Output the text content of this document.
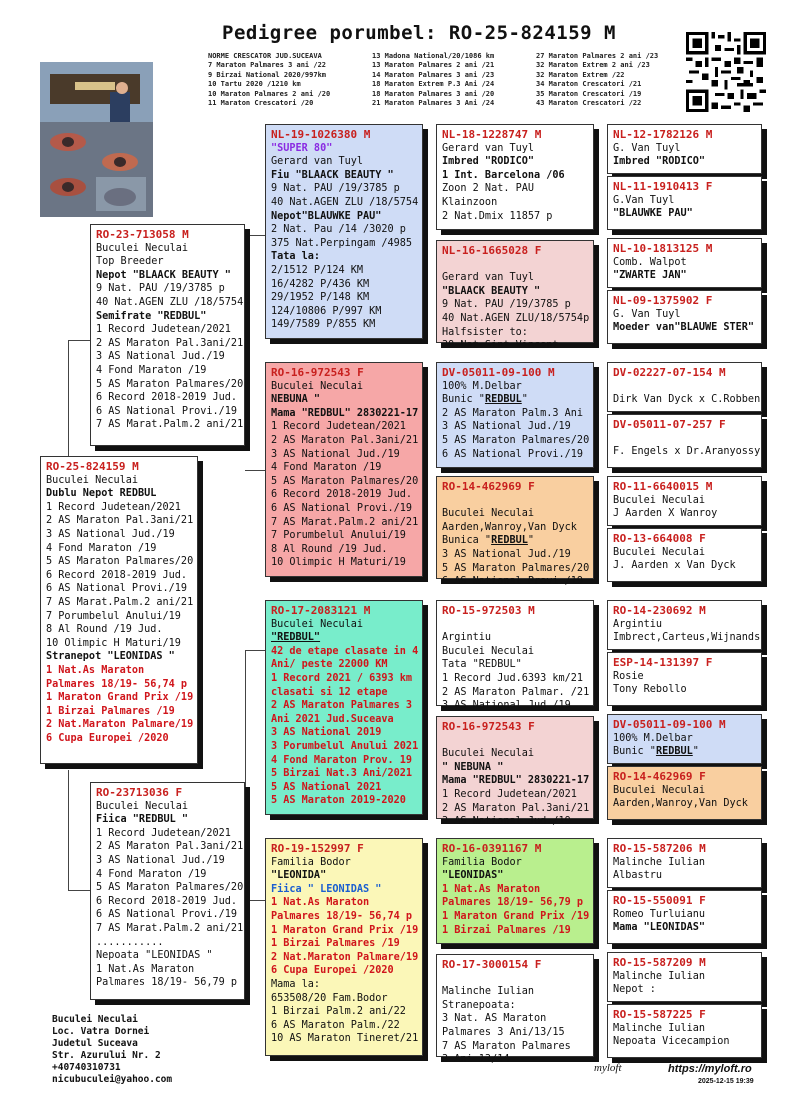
Pedigree porumbel: RO-25-824159 M
NORME CRESCATOR JUD.SUCEAVA
7 Maraton Palmares 3 ani /22
9 Birzai National 2020/997km
10 Tartu 2020 /1210 km
10 Maraton Palmares 2 ani /20
11 Maraton Crescatori /20
13 Madona National/20/1086 km
13 Maraton Palmares 2 ani /21
14 Maraton Palmares 3 ani /23
18 Maraton Extrem P.3 Ani /24
18 Maraton Palmares 3 ani /20
21 Maraton Palmares 3 Ani /24
27 Maraton Palmares 2 ani /23
32 Maraton Extrem 2 ani /23
32 Maraton Extrem /22
34 Maraton Crescatori /21
35 Maraton Crescatori /19
43 Maraton Crescatori /22
RO-25-824159 M
Buculei Neculai
Dublu Nepot REDBUL
1 Record Judetean/2021
2 AS Maraton Pal.3ani/21
3 AS National Jud./19
4 Fond Maraton /19
5 AS Maraton Palmares/20
6 Record 2018-2019 Jud.
6 AS National Provi./19
7 AS Marat.Palm.2 ani/21
7 Porumbelul Anului/19
8 Al Round /19 Jud.
10 Olimpic H Maturi/19
Stranepot "LEONIDAS "
1 Nat.As Maraton
Palmares 18/19- 56,74 p
1 Maraton Grand Prix /19
1 Birzai Palmares /19
2 Nat.Maraton Palmare/19
6 Cupa Europei /2020
RO-23-713058 M
Buculei Neculai
Top Breeder
Nepot "BLAACK BEAUTY "
9 Nat. PAU /19/3785 p
40 Nat.AGEN ZLU /18/5754
Semifrate "REDBUL"
1 Record Judetean/2021
2 AS Maraton Pal.3ani/21
3 AS National Jud./19
4 Fond Maraton /19
5 AS Maraton Palmares/20
6 Record 2018-2019 Jud.
6 AS National Provi./19
7 AS Marat.Palm.2 ani/21
RO-23713036 F
Buculei Neculai
Fiica "REDBUL "
1 Record Judetean/2021
2 AS Maraton Pal.3ani/21
3 AS National Jud./19
4 Fond Maraton /19
5 AS Maraton Palmares/20
6 Record 2018-2019 Jud.
6 AS National Provi./19
7 AS Marat.Palm.2 ani/21
...........
Nepoata "LEONIDAS "
1 Nat.As Maraton
Palmares 18/19- 56,79 p
NL-19-1026380 M
"SUPER 80"
Gerard van Tuyl
Fiu "BLAACK BEAUTY "
9 Nat. PAU /19/3785 p
40 Nat.AGEN ZLU /18/5754
Nepot"BLAUWKE PAU"
2 Nat. Pau /14 /3020 p
375 Nat.Perpingam /4985
Tata la:
2/1512 P/124 KM
16/4282 P/436 KM
29/1952 P/148 KM
124/10806 P/997 KM
149/7589 P/855 KM
RO-16-972543 F
Buculei Neculai
NEBUNA "
Mama "REDBUL" 2830221-17
1 Record Judetean/2021
2 AS Maraton Pal.3ani/21
3 AS National Jud./19
4 Fond Maraton /19
5 AS Maraton Palmares/20
6 Record 2018-2019 Jud.
6 AS National Provi./19
7 AS Marat.Palm.2 ani/21
7 Porumbelul Anului/19
8 Al Round /19 Jud.
10 Olimpic H Maturi/19
RO-17-2083121 M
Buculei Neculai
"REDBUL"
42 de etape clasate in 4
Ani/ peste 22000 KM
1 Record 2021 / 6393 km
clasati si 12 etape
2 AS Maraton Palmares 3
Ani 2021 Jud.Suceava
3 AS National 2019
3 Porumbelul Anului 2021
4 Fond Maraton Prov. 19
5 Birzai Nat.3 Ani/2021
5 AS National 2021
5 AS Maraton 2019-2020
RO-19-152997 F
Familia Bodor
"LEONIDA"
Fiica " LEONIDAS "
1 Nat.As Maraton
Palmares 18/19- 56,74 p
1 Maraton Grand Prix /19
1 Birzai Palmares /19
2 Nat.Maraton Palmare/19
6 Cupa Europei /2020
Mama la:
653508/20 Fam.Bodor
1 Birzai Palm.2 ani/22
6 AS Maraton Palm./22
10 AS Maraton Tineret/21
NL-18-1228747 M
Gerard van Tuyl
Imbred "RODICO"
1 Int. Barcelona /06
Zoon 2 Nat. PAU
Klainzoon
2 Nat.Dmix 11857 p
NL-16-1665028 F

Gerard van Tuyl
"BLAACK BEAUTY "
9 Nat. PAU /19/3785 p
40 Nat.AGEN ZLU/18/5754p
Halfsister to:
39 Nat.Sint Vincent
DV-05011-09-100 M
100% M.Delbar
Bunic "REDBUL"
2 AS Maraton Palm.3 Ani
3 AS National Jud./19
5 AS Maraton Palmares/20
6 AS National Provi./19
RO-14-462969 F

Buculei Neculai
Aarden,Wanroy,Van Dyck
Bunica "REDBUL"
3 AS National Jud./19
5 AS Maraton Palmares/20
6 AS National Provi./19
RO-15-972503 M

Argintiu
Buculei Neculai
Tata "REDBUL"
1 Record Jud.6393 km/21
2 AS Maraton Palmar. /21
3 AS National Jud./19
RO-16-972543 F

Buculei Neculai
" NEBUNA "
Mama "REDBUL" 2830221-17
1 Record Judetean/2021
2 AS Maraton Pal.3ani/21
3 AS National Jud./19
RO-16-0391167 M
Familia Bodor
"LEONIDAS"
1 Nat.As Maraton
Palmares 18/19- 56,79 p
1 Maraton Grand Prix /19
1 Birzai Palmares /19
RO-17-3000154 F

Malinche Iulian
Stranepoata:
3 Nat. AS Maraton
Palmares 3 Ani/13/15
7 AS Maraton Palmares
3 Ani 13/14
NL-12-1782126 M
G. Van Tuyl
Imbred "RODICO"
NL-11-1910413 F
G.Van Tuyl
"BLAUWKE PAU"
NL-10-1813125 M
Comb. Walpot
"ZWARTE JAN"
NL-09-1375902 F
G. Van Tuyl
Moeder van"BLAUWE STER"
DV-02227-07-154 M

Dirk Van Dyck x C.Robben
DV-05011-07-257 F

F. Engels x Dr.Aranyossy
RO-11-6640015 M
Buculei Neculai
J Aarden X Wanroy
RO-13-664008 F
Buculei Neculai
J. Aarden x Van Dyck
RO-14-230692 M
Argintiu
Imbrect,Carteus,Wijnands
ESP-14-131397 F
Rosie
Tony Rebollo
DV-05011-09-100 M
100% M.Delbar
Bunic "REDBUL"
RO-14-462969 F
Buculei Neculai
Aarden,Wanroy,Van Dyck
RO-15-587206 M
Malinche Iulian
Albastru
RO-15-550091 F
Romeo Turluianu
Mama "LEONIDAS"
RO-15-587209 M
Malinche Iulian
Nepot :
RO-15-587225 F
Malinche Iulian
Nepoata Vicecampion
Buculei Neculai
Loc. Vatra Dornei
Judetul Suceava
Str. Azurului Nr. 2
+40740310731
nicubuculei@yahoo.com
myloft	https://myloft.ro
2025-12-15 19:39
